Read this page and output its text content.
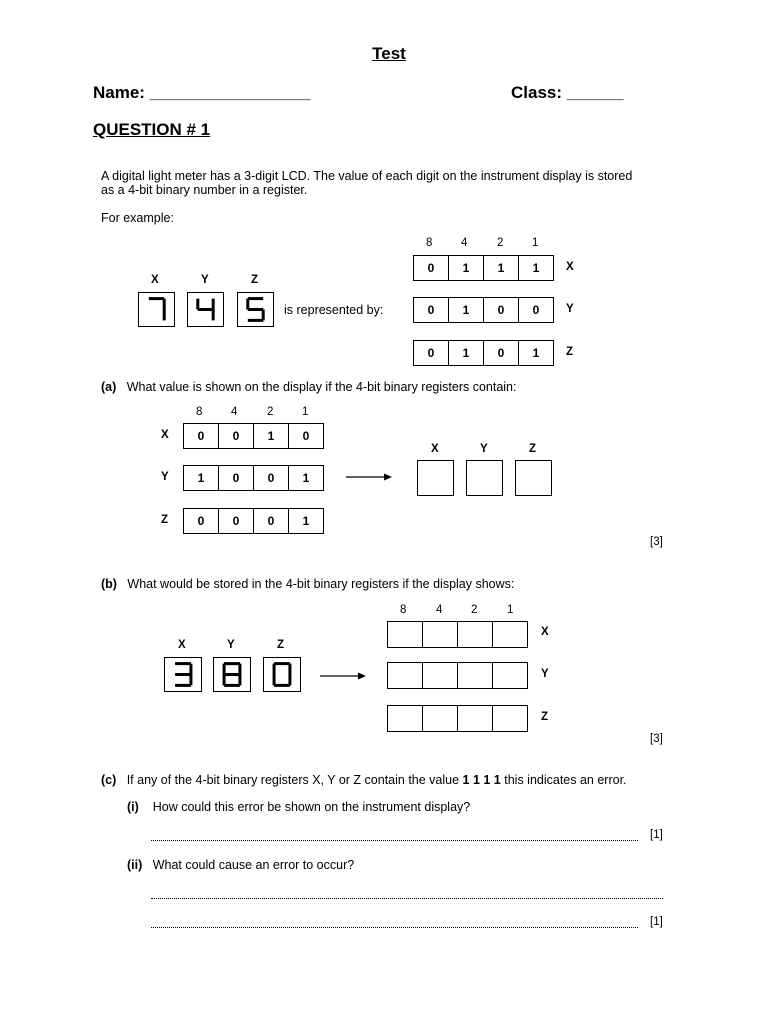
Test
Name: _________________	Class: ______
QUESTION # 1
A digital light meter has a 3-digit LCD. The value of each digit on the instrument display is stored
as a 4-bit binary number in a register.
For example:
8 4	2 1
X	Y	Z
is represented by:
0	1	1	1	X
0	1	0	0	Y
0	1	0	1	Z
(a) What value is shown on the display if the 4-bit binary registers contain:
8 4	2 1
X	0	0	1	0
Y	1	0	0	1
Z	0	0	0	1
X	Y	Z
[3]
(b) What would be stored in the 4-bit binary registers if the display shows:
8	4 2	1
X
Y
Z
X	Y	Z
[3]
(c) If any of the 4-bit binary registers X, Y or Z contain the value 1 1 1 1 this indicates an error.
(i) How could this error be shown on the instrument display?
[1]
(ii) What could cause an error to occur?
[1]
